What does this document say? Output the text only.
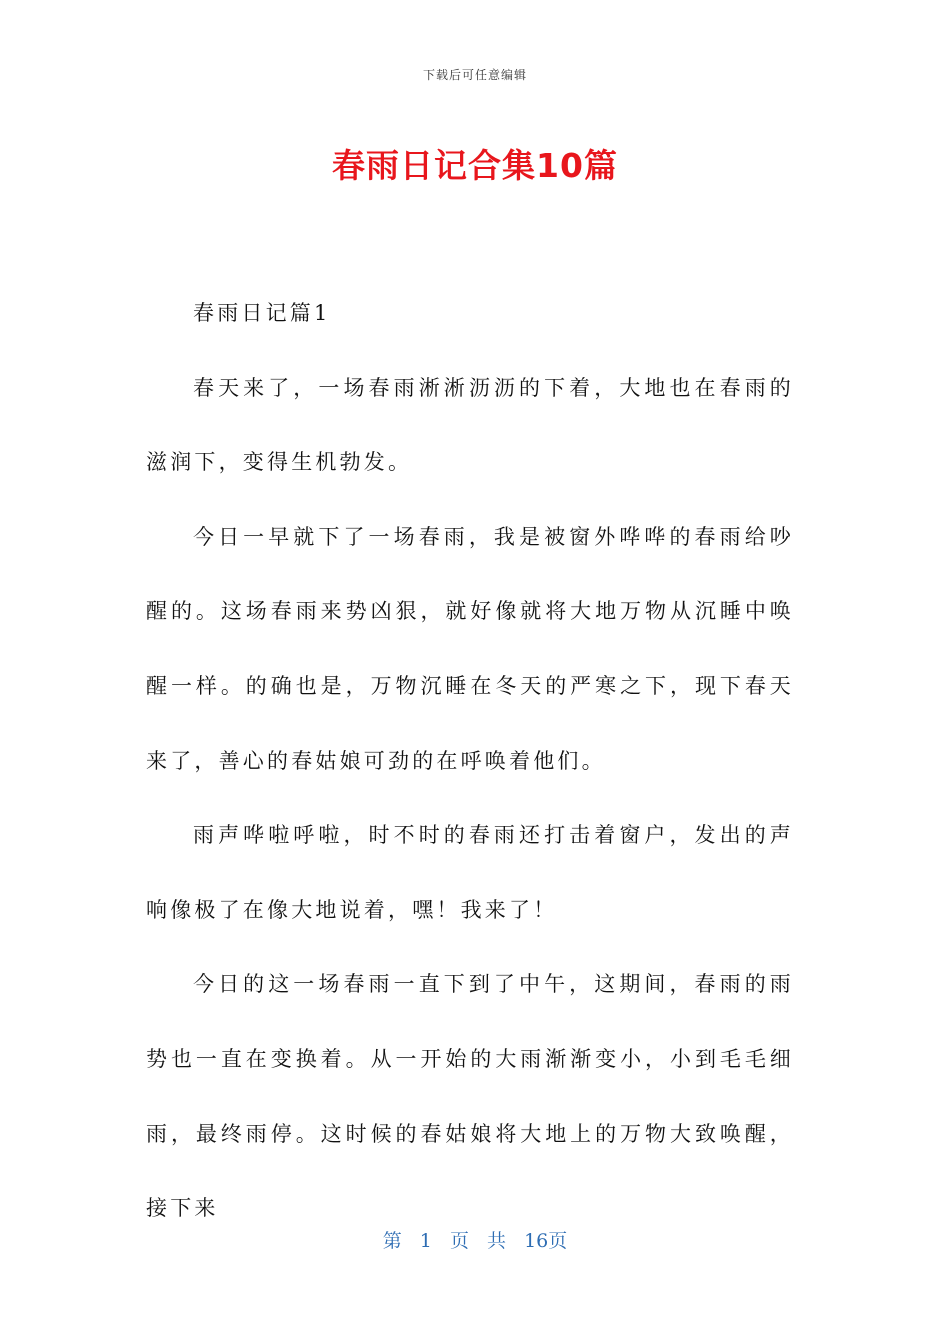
下载后可任意编辑
春雨日记合集10篇

春雨日记篇1

春天来了，一场春雨淅淅沥沥的下着，大地也在春雨的滋润下，变得生机勃发。

今日一早就下了一场春雨，我是被窗外哗哗的春雨给吵醒的。这场春雨来势凶狠，就好像就将大地万物从沉睡中唤醒一样。的确也是，万物沉睡在冬天的严寒之下，现下春天来了，善心的春姑娘可劲的在呼唤着他们。

雨声哗啦呼啦，时不时的春雨还打击着窗户，发出的声响像极了在像大地说着，嘿！我来了！

今日的这一场春雨一直下到了中午，这期间，春雨的雨势也一直在变换着。从一开始的大雨渐渐变小，小到毛毛细雨，最终雨停。这时候的春姑娘将大地上的万物大致唤醒，接下来

第 1 页 共 16页
